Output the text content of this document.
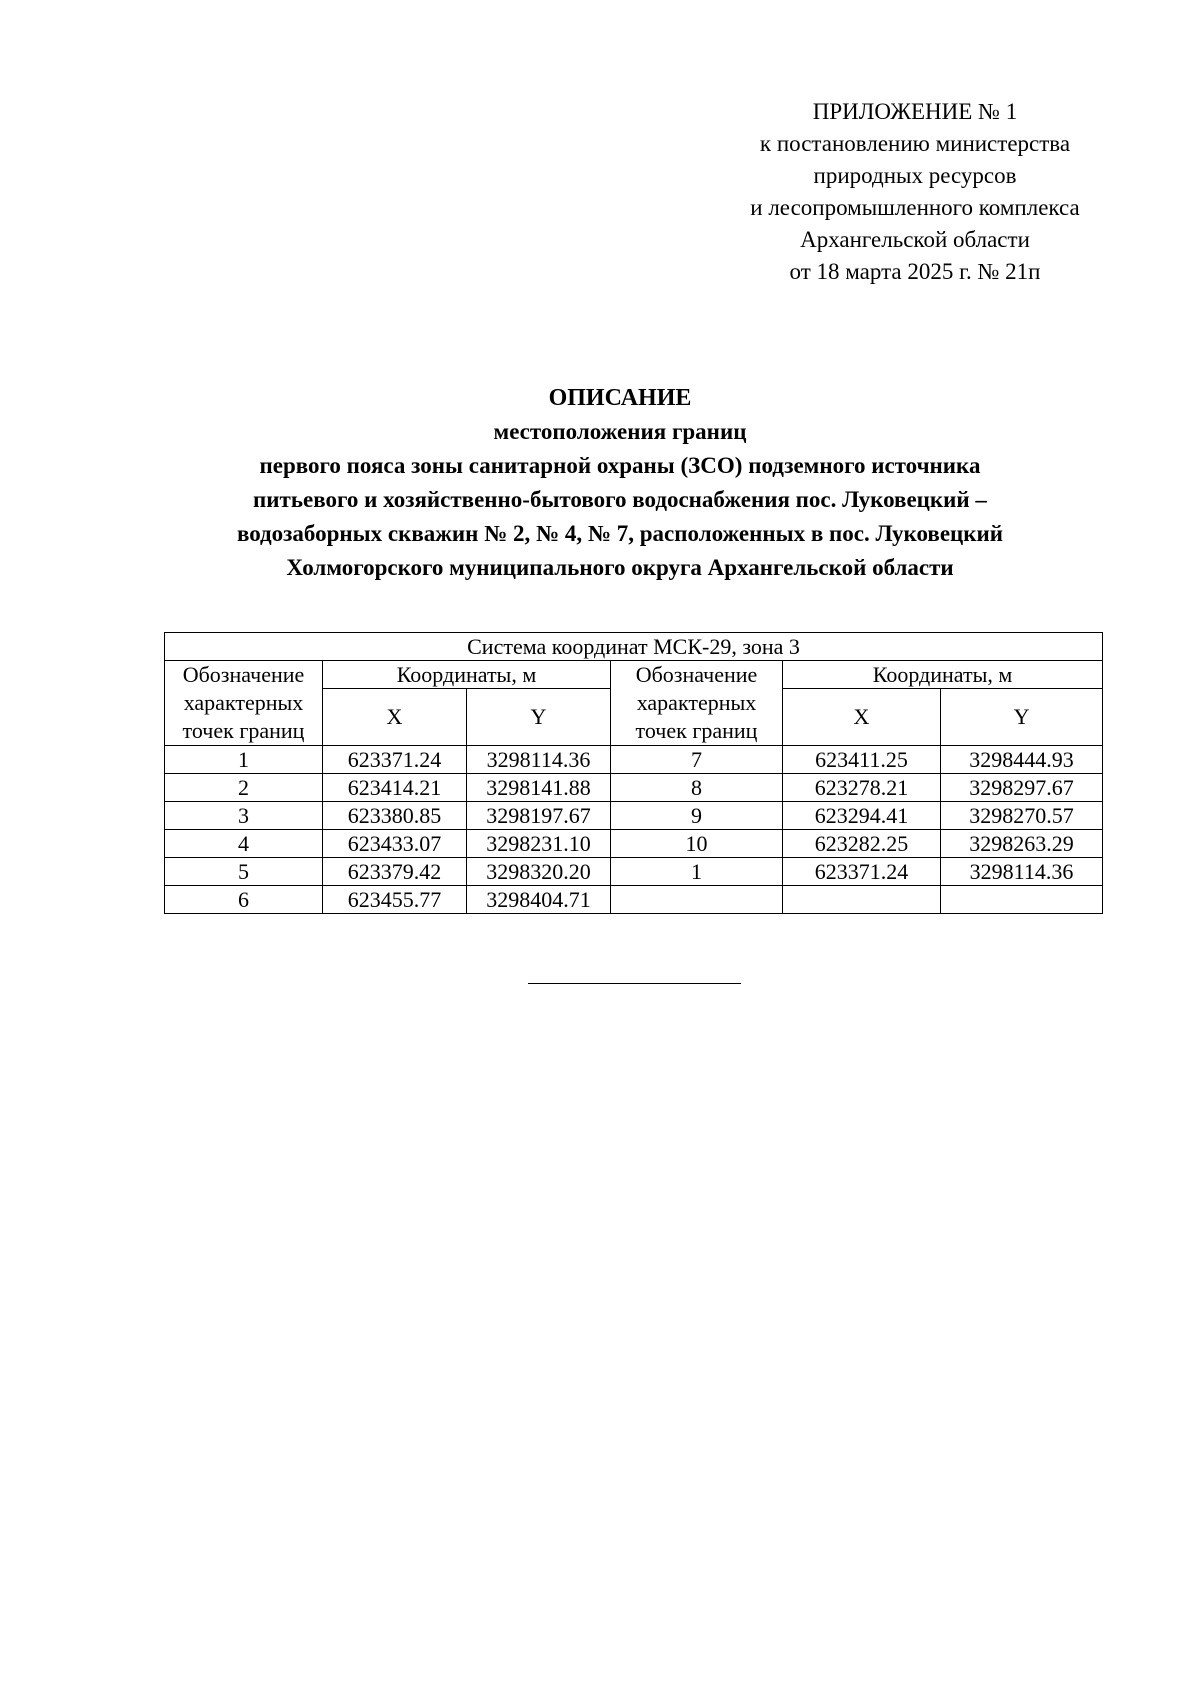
ПРИЛОЖЕНИЕ № 1
к постановлению министерства
природных ресурсов
и лесопромышленного комплекса
Архангельской области
от 18 марта 2025 г. № 21п
ОПИСАНИЕ
местоположения границ
первого пояса зоны санитарной охраны (ЗСО) подземного источника
питьевого и хозяйственно-бытового водоснабжения пос. Луковецкий –
водозаборных скважин № 2, № 4, № 7, расположенных в пос. Луковецкий
Холмогорского муниципального округа Архангельской области
Система координат МСК-29, зона 3					
Обозначение
характерных
точек границ	Координаты, м		Обозначение
характерных
точек границ	Координаты, м	
	X	Y		X	Y
1	623371.24	3298114.36	7	623411.25	3298444.93
2	623414.21	3298141.88	8	623278.21	3298297.67
3	623380.85	3298197.67	9	623294.41	3298270.57
4	623433.07	3298231.10	10	623282.25	3298263.29
5	623379.42	3298320.20	1	623371.24	3298114.36
6	623455.77	3298404.71			
